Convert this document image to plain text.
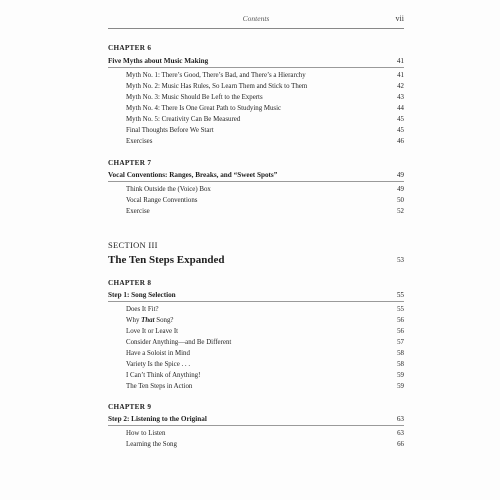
Contents	vii
CHAPTER 6
Five Myths about Music Making	41
Myth No. 1: There’s Good, There’s Bad, and There’s a Hierarchy	41
Myth No. 2: Music Has Rules, So Learn Them and Stick to Them	42
Myth No. 3: Music Should Be Left to the Experts	43
Myth No. 4: There Is One Great Path to Studying Music	44
Myth No. 5: Creativity Can Be Measured	45
Final Thoughts Before We Start	45
Exercises	46
CHAPTER 7
Vocal Conventions: Ranges, Breaks, and “Sweet Spots”	49
Think Outside the (Voice) Box	49
Vocal Range Conventions	50
Exercise	52
SECTION III
The Ten Steps Expanded	53
CHAPTER 8
Step 1: Song Selection	55
Does It Fit?	55
Why That Song?	56
Love It or Leave It	56
Consider Anything—and Be Different	57
Have a Soloist in Mind	58
Variety Is the Spice . . .	58
I Can’t Think of Anything!	59
The Ten Steps in Action	59
CHAPTER 9
Step 2: Listening to the Original	63
How to Listen	63
Learning the Song	66
